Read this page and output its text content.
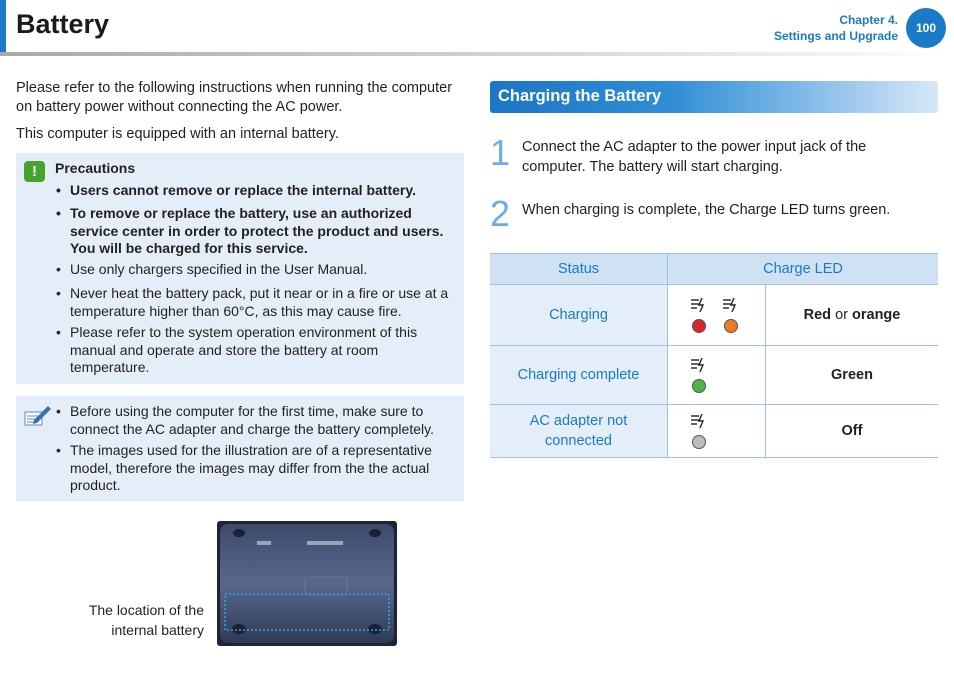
Battery	Chapter 4.
Settings and Upgrade
100
Please refer to the following instructions when running the computer on battery power without connecting the AC power.
This computer is equipped with an internal battery.
!	Precautions
• Users cannot remove or replace the internal battery.
• To remove or replace the battery, use an authorized service center in order to protect the product and users. You will be charged for this service.
• Use only chargers specified in the User Manual.
• Never heat the battery pack, put it near or in a fire or use at a temperature higher than 60°C, as this may cause fire.
• Please refer to the system operation environment of this manual and operate and store the battery at room temperature.
• Before using the computer for the first time, make sure to connect the AC adapter and charge the battery completely.
• The images used for the illustration are of a representative model, therefore the images may differ from the the actual product.
The location of the internal battery
Charging the Battery
1 Connect the AC adapter to the power input jack of the computer. The battery will start charging.
2 When charging is complete, the Charge LED turns green.
Status	Charge LED	
Charging		Red or orange
Charging complete		Green
AC adapter not connected		Off
